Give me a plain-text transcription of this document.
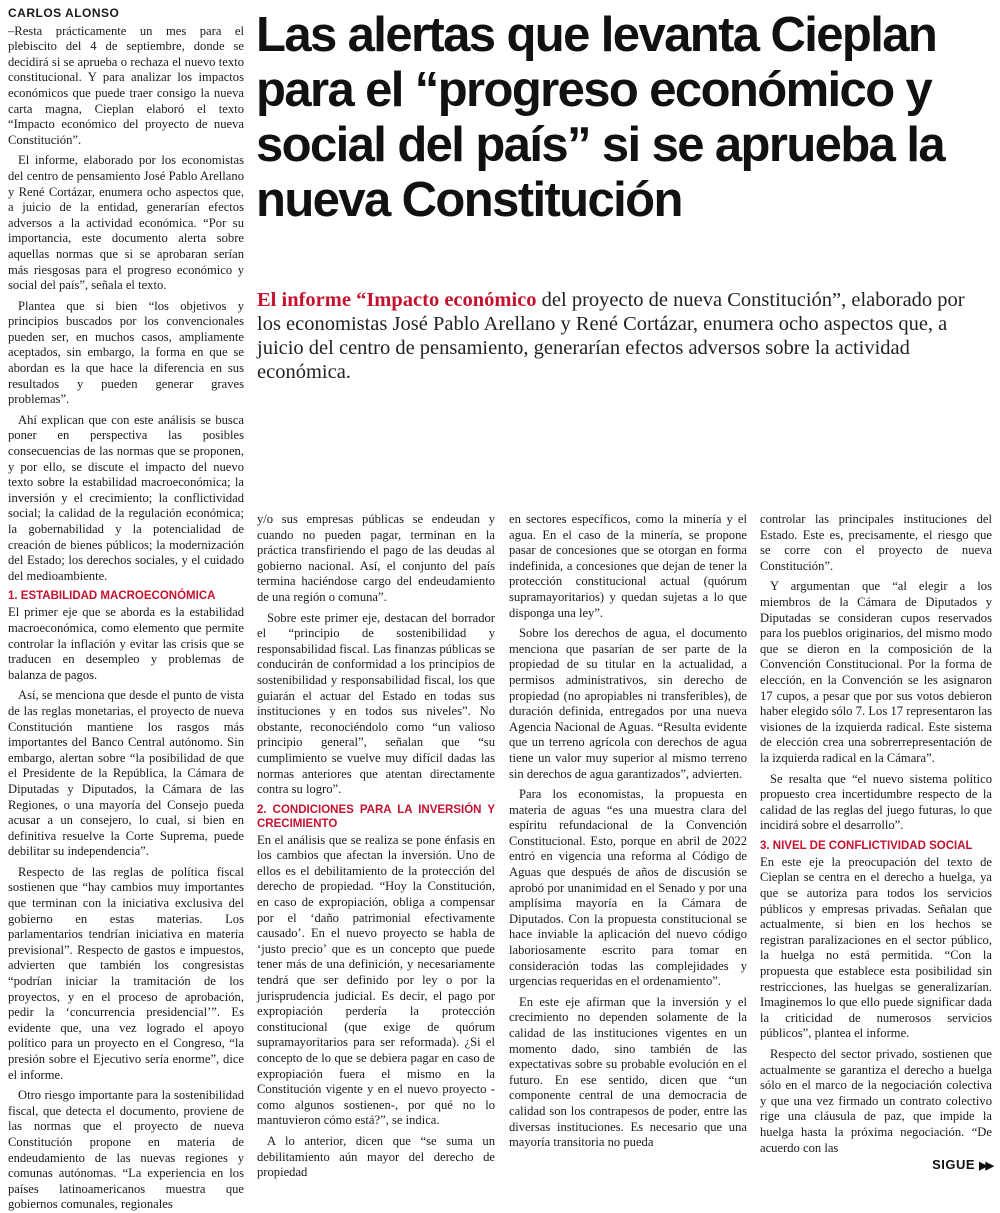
CARLOS ALONSO

–Resta prácticamente un mes para el plebiscito del 4 de septiembre, donde se decidirá si se aprueba o rechaza el nuevo texto constitucional. Y para analizar los impactos económicos que puede traer consigo la nueva carta magna, Cieplan elaboró el texto “Impacto económico del proyecto de nueva Constitución”.

El informe, elaborado por los economistas del centro de pensamiento José Pablo Arellano y René Cortázar, enumera ocho aspectos que, a juicio de la entidad, generarían efectos adversos a la actividad económica. “Por su importancia, este documento alerta sobre aquellas normas que si se aprobaran serían más riesgosas para el progreso económico y social del país”, señala el texto.

Plantea que si bien “los objetivos y principios buscados por los convencionales pueden ser, en muchos casos, ampliamente aceptados, sin embargo, la forma en que se abordan es la que hace la diferencia en sus resultados y pueden generar graves problemas”.

Ahí explican que con este análisis se busca poner en perspectiva las posibles consecuencias de las normas que se proponen, y por ello, se discute el impacto del nuevo texto sobre la estabilidad macroeconómica; la inversión y el crecimiento; la conflictividad social; la calidad de la regulación económica; la gobernabilidad y la potencialidad de creación de bienes públicos; la modernización del Estado; los derechos sociales, y el cuidado del medioambiente.

1. ESTABILIDAD MACROECONÓMICA

El primer eje que se aborda es la estabilidad macroeconómica, como elemento que permite controlar la inflación y evitar las crisis que se traducen en desempleo y problemas de balanza de pagos.

Así, se menciona que desde el punto de vista de las reglas monetarias, el proyecto de nueva Constitución mantiene los rasgos más importantes del Banco Central autónomo. Sin embargo, alertan sobre “la posibilidad de que el Presidente de la República, la Cámara de Diputadas y Diputados, la Cámara de las Regiones, o una mayoría del Consejo pueda acusar a un consejero, lo cual, si bien en definitiva resuelve la Corte Suprema, puede debilitar su independencia”.

Respecto de las reglas de política fiscal sostienen que “hay cambios muy importantes que terminan con la iniciativa exclusiva del gobierno en estas materias. Los parlamentarios tendrían iniciativa en materia previsional”. Respecto de gastos e impuestos, advierten que también los congresistas “podrían iniciar la tramitación de los proyectos, y en el proceso de aprobación, pedir la ‘concurrencia presidencial’”. Es evidente que, una vez logrado el apoyo político para un proyecto en el Congreso, “la presión sobre el Ejecutivo sería enorme”, dice el informe.

Otro riesgo importante para la sostenibilidad fiscal, que detecta el documento, proviene de las normas que el proyecto de nueva Constitución propone en materia de endeudamiento de las nuevas regiones y comunas autónomas. “La experiencia en los países latinoamericanos muestra que gobiernos comunales, regionales

Las alertas que levanta Cieplan para el “progreso económico y social del país” si se aprueba la nueva Constitución

El informe “Impacto económico del proyecto de nueva Constitución”, elaborado por los economistas José Pablo Arellano y René Cortázar, enumera ocho aspectos que, a juicio del centro de pensamiento, generarían efectos adversos sobre la actividad económica.

y/o sus empresas públicas se endeudan y cuando no pueden pagar, terminan en la práctica transfiriendo el pago de las deudas al gobierno nacional. Así, el conjunto del país termina haciéndose cargo del endeudamiento de una región o comuna”.

Sobre este primer eje, destacan del borrador el “principio de sostenibilidad y responsabilidad fiscal. Las finanzas públicas se conducirán de conformidad a los principios de sostenibilidad y responsabilidad fiscal, los que guiarán el actuar del Estado en todas sus instituciones y en todos sus niveles”. No obstante, reconociéndolo como “un valioso principio general”, señalan que “su cumplimiento se vuelve muy difícil dadas las normas anteriores que atentan directamente contra su logro”.

2. CONDICIONES PARA LA INVERSIÓN Y CRECIMIENTO

En el análisis que se realiza se pone énfasis en los cambios que afectan la inversión. Uno de ellos es el debilitamiento de la protección del derecho de propiedad. “Hoy la Constitución, en caso de expropiación, obliga a compensar por el ‘daño patrimonial efectivamente causado’. En el nuevo proyecto se habla de ‘justo precio’ que es un concepto que puede tener más de una definición, y necesariamente tendrá que ser definido por ley o por la jurisprudencia judicial. Es decir, el pago por expropiación perdería la protección constitucional (que exige de quórum supramayoritarios para ser reformada). ¿Si el concepto de lo que se debiera pagar en caso de expropiación fuera el mismo en la Constitución vigente y en el nuevo proyecto -como algunos sostienen-, por qué no lo mantuvieron cómo está?”, se indica.

A lo anterior, dicen que “se suma un debilitamiento aún mayor del derecho de propiedad

en sectores específicos, como la minería y el agua. En el caso de la minería, se propone pasar de concesiones que se otorgan en forma indefinida, a concesiones que dejan de tener la protección constitucional actual (quórum supramayoritarios) y quedan sujetas a lo que disponga una ley”.

Sobre los derechos de agua, el documento menciona que pasarían de ser parte de la propiedad de su titular en la actualidad, a permisos administrativos, sin derecho de propiedad (no apropiables ni transferibles), de duración definida, entregados por una nueva Agencia Nacional de Aguas. “Resulta evidente que un terreno agrícola con derechos de agua tiene un valor muy superior al mismo terreno sin derechos de agua garantizados”, advierten.

Para los economistas, la propuesta en materia de aguas “es una muestra clara del espíritu refundacional de la Convención Constitucional. Esto, porque en abril de 2022 entró en vigencia una reforma al Código de Aguas que después de años de discusión se aprobó por unanimidad en el Senado y por una amplísima mayoría en la Cámara de Diputados. Con la propuesta constitucional se hace inviable la aplicación del nuevo código laboriosamente escrito para tomar en consideración todas las complejidades y urgencias requeridas en el ordenamiento”.

En este eje afirman que la inversión y el crecimiento no dependen solamente de la calidad de las instituciones vigentes en un momento dado, sino también de las expectativas sobre su probable evolución en el futuro. En ese sentido, dicen que “un componente central de una democracia de calidad son los contrapesos de poder, entre las diversas instituciones. Es necesario que una mayoría transitoria no pueda

controlar las principales instituciones del Estado. Este es, precisamente, el riesgo que se corre con el proyecto de nueva Constitución”.

Y argumentan que “al elegir a los miembros de la Cámara de Diputados y Diputadas se consideran cupos reservados para los pueblos originarios, del mismo modo que se dieron en la composición de la Convención Constitucional. Por la forma de elección, en la Convención se les asignaron 17 cupos, a pesar que por sus votos debieron haber elegido sólo 7. Los 17 representaron las visiones de la izquierda radical. Este sistema de elección crea una sobrerrepresentación de la izquierda radical en la Cámara”.

Se resalta que “el nuevo sistema político propuesto crea incertidumbre respecto de la calidad de las reglas del juego futuras, lo que incidirá sobre el desarrollo”.

3. NIVEL DE CONFLICTIVIDAD SOCIAL

En este eje la preocupación del texto de Cieplan se centra en el derecho a huelga, ya que se autoriza para todos los servicios públicos y empresas privadas. Señalan que actualmente, si bien en los hechos se registran paralizaciones en el sector público, la huelga no está permitida. “Con la propuesta que establece esta posibilidad sin restricciones, las huelgas se generalizarían. Imaginemos lo que ello puede significar dada la criticidad de numerosos servicios públicos”, plantea el informe.

Respecto del sector privado, sostienen que actualmente se garantiza el derecho a huelga sólo en el marco de la negociación colectiva y que una vez firmado un contrato colectivo rige una cláusula de paz, que impide la huelga hasta la próxima negociación. “De acuerdo con las

SIGUE ▶▶
